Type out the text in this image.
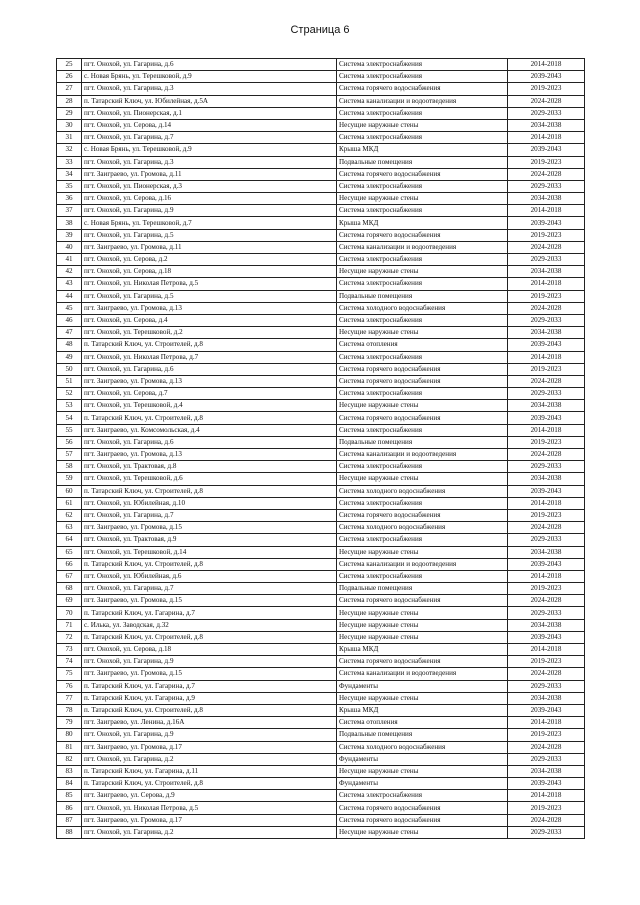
Страница 6
25	пгт. Онохой, ул. Гагарина, д.6	Система электроснабжения	2014-2018
26	с. Новая Брянь, ул. Терешковой, д.9	Система электроснабжения	2039-2043
27	пгт. Онохой, ул. Гагарина, д.3	Система горячего водоснабжения	2019-2023
28	п. Татарский Ключ, ул. Юбилейная, д.5А	Система канализации и водоотведения	2024-2028
29	пгт. Онохой, ул. Пионерская, д.1	Система электроснабжения	2029-2033
30	пгт. Онохой, ул. Серова, д.14	Несущие наружные стены	2034-2038
31	пгт. Онохой, ул. Гагарина, д.7	Система электроснабжения	2014-2018
32	с. Новая Брянь, ул. Терешковой, д.9	Крыша МКД	2039-2043
33	пгт. Онохой, ул. Гагарина, д.3	Подвальные помещения	2019-2023
34	пгт. Заиграево, ул. Громова, д.11	Система горячего водоснабжения	2024-2028
35	пгт. Онохой, ул. Пионерская, д.3	Система электроснабжения	2029-2033
36	пгт. Онохой, ул. Серова, д.16	Несущие наружные стены	2034-2038
37	пгт. Онохой, ул. Гагарина, д.9	Система электроснабжения	2014-2018
38	с. Новая Брянь, ул. Терешковой, д.7	Крыша МКД	2039-2043
39	пгт. Онохой, ул. Гагарина, д.5	Система горячего водоснабжения	2019-2023
40	пгт. Заиграево, ул. Громова, д.11	Система канализации и водоотведения	2024-2028
41	пгт. Онохой, ул. Серова, д.2	Система электроснабжения	2029-2033
42	пгт. Онохой, ул. Серова, д.18	Несущие наружные стены	2034-2038
43	пгт. Онохой, ул. Николая Петрова, д.5	Система электроснабжения	2014-2018
44	пгт. Онохой, ул. Гагарина, д.5	Подвальные помещения	2019-2023
45	пгт. Заиграево, ул. Громова, д.13	Система холодного водоснабжения	2024-2028
46	пгт. Онохой, ул. Серова, д.4	Система электроснабжения	2029-2033
47	пгт. Онохой, ул. Терешковой, д.2	Несущие наружные стены	2034-2038
48	п. Татарский Ключ, ул. Строителей, д.8	Система отопления	2039-2043
49	пгт. Онохой, ул. Николая Петрова, д.7	Система электроснабжения	2014-2018
50	пгт. Онохой, ул. Гагарина, д.6	Система горячего водоснабжения	2019-2023
51	пгт. Заиграево, ул. Громова, д.13	Система горячего водоснабжения	2024-2028
52	пгт. Онохой, ул. Серова, д.7	Система электроснабжения	2029-2033
53	пгт. Онохой, ул. Терешковой, д.4	Несущие наружные стены	2034-2038
54	п. Татарский Ключ, ул. Строителей, д.8	Система горячего водоснабжения	2039-2043
55	пгт. Заиграево, ул. Комсомольская, д.4	Система электроснабжения	2014-2018
56	пгт. Онохой, ул. Гагарина, д.6	Подвальные помещения	2019-2023
57	пгт. Заиграево, ул. Громова, д.13	Система канализации и водоотведения	2024-2028
58	пгт. Онохой, ул. Трактовая, д.8	Система электроснабжения	2029-2033
59	пгт. Онохой, ул. Терешковой, д.6	Несущие наружные стены	2034-2038
60	п. Татарский Ключ, ул. Строителей, д.8	Система холодного водоснабжения	2039-2043
61	пгт. Онохой, ул. Юбилейная, д.10	Система электроснабжения	2014-2018
62	пгт. Онохой, ул. Гагарина, д.7	Система горячего водоснабжения	2019-2023
63	пгт. Заиграево, ул. Громова, д.15	Система холодного водоснабжения	2024-2028
64	пгт. Онохой, ул. Трактовая, д.9	Система электроснабжения	2029-2033
65	пгт. Онохой, ул. Терешковой, д.14	Несущие наружные стены	2034-2038
66	п. Татарский Ключ, ул. Строителей, д.8	Система канализации и водоотведения	2039-2043
67	пгт. Онохой, ул. Юбилейная, д.6	Система электроснабжения	2014-2018
68	пгт. Онохой, ул. Гагарина, д.7	Подвальные помещения	2019-2023
69	пгт. Заиграево, ул. Громова, д.15	Система горячего водоснабжения	2024-2028
70	п. Татарский Ключ, ул. Гагарина, д.7	Несущие наружные стены	2029-2033
71	с. Илька, ул. Заводская, д.32	Несущие наружные стены	2034-2038
72	п. Татарский Ключ, ул. Строителей, д.8	Несущие наружные стены	2039-2043
73	пгт. Онохой, ул. Серова, д.18	Крыша МКД	2014-2018
74	пгт. Онохой, ул. Гагарина, д.9	Система горячего водоснабжения	2019-2023
75	пгт. Заиграево, ул. Громова, д.15	Система канализации и водоотведения	2024-2028
76	п. Татарский Ключ, ул. Гагарина, д.7	Фундаменты	2029-2033
77	п. Татарский Ключ, ул. Гагарина, д.9	Несущие наружные стены	2034-2038
78	п. Татарский Ключ, ул. Строителей, д.8	Крыша МКД	2039-2043
79	пгт. Заиграево, ул. Ленина, д.16А	Система отопления	2014-2018
80	пгт. Онохой, ул. Гагарина, д.9	Подвальные помещения	2019-2023
81	пгт. Заиграево, ул. Громова, д.17	Система холодного водоснабжения	2024-2028
82	пгт. Онохой, ул. Гагарина, д.2	Фундаменты	2029-2033
83	п. Татарский Ключ, ул. Гагарина, д.11	Несущие наружные стены	2034-2038
84	п. Татарский Ключ, ул. Строителей, д.8	Фундаменты	2039-2043
85	пгт. Заиграево, ул. Серова, д.9	Система электроснабжения	2014-2018
86	пгт. Онохой, ул. Николая Петрова, д.5	Система горячего водоснабжения	2019-2023
87	пгт. Заиграево, ул. Громова, д.17	Система горячего водоснабжения	2024-2028
88	пгт. Онохой, ул. Гагарина, д.2	Несущие наружные стены	2029-2033
